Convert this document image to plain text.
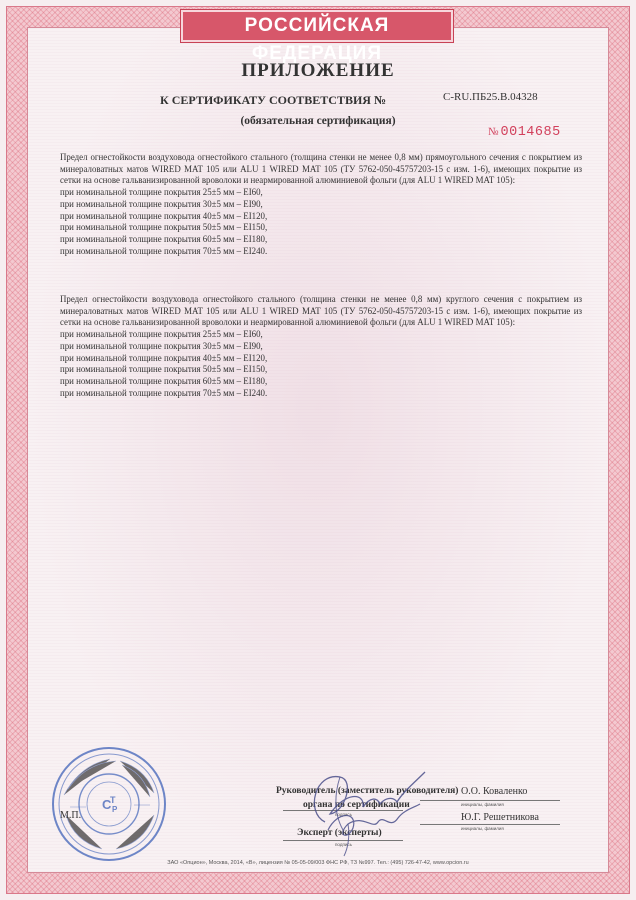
РОССИЙСКАЯ ФЕДЕРАЦИЯ
ПРИЛОЖЕНИЕ
К СЕРТИФИКАТУ СООТВЕТСТВИЯ №	C-RU.ПБ25.В.04328
(обязательная сертификация)
№ 0014685

Предел огнестойкости воздуховода огнестойкого стального (толщина стенки не менее 0,8 мм) прямоугольного сечения с покрытием из минераловатных матов WIRED MAT 105 или ALU 1 WIRED MAT 105 (ТУ 5762-050-45757203-15 с изм. 1-6), имеющих покрытие из сетки на основе гальванизированной вроволоки и неармированной алюминиевой фольги (для ALU 1 WIRED MAT 105):

при номинальной толщине покрытия 25±5 мм – EI60,
при номинальной толщине покрытия 30±5 мм – EI90,
при номинальной толщине покрытия 40±5 мм – EI120,
при номинальной толщине покрытия 50±5 мм – EI150,
при номинальной толщине покрытия 60±5 мм – EI180,
при номинальной толщине покрытия 70±5 мм – EI240.

Предел огнестойкости воздуховода огнестойкого стального (толщина стенки не менее 0,8 мм) круглого сечения с покрытием из минераловатных матов WIRED MAT 105 или ALU 1 WIRED MAT 105 (ТУ 5762-050-45757203-15 с изм. 1-6), имеющих покрытие из сетки на основе гальванизированной вроволоки и неармированной алюминиевой фольги (для ALU 1 WIRED MAT 105):

при номинальной толщине покрытия 25±5 мм – EI60,
при номинальной толщине покрытия 30±5 мм – EI90,
при номинальной толщине покрытия 40±5 мм – EI120,
при номинальной толщине покрытия 50±5 мм – EI150,
при номинальной толщине покрытия 60±5 мм – EI180,
при номинальной толщине покрытия 70±5 мм – EI240.
С
Т
Р
М.П.
Руководитель (заместитель руководителя)
органа по сертификации
Эксперт (эксперты)
подпись
инициалы, фамилия
подпись
инициалы, фамилия
О.О. Коваленко
Ю.Г. Решетникова
ЗАО «Опцион», Москва, 2014, «В», лицензия № 05-05-09/003 ФНС РФ, ТЗ №997. Тел.: (495) 726-47-42, www.opcion.ru
